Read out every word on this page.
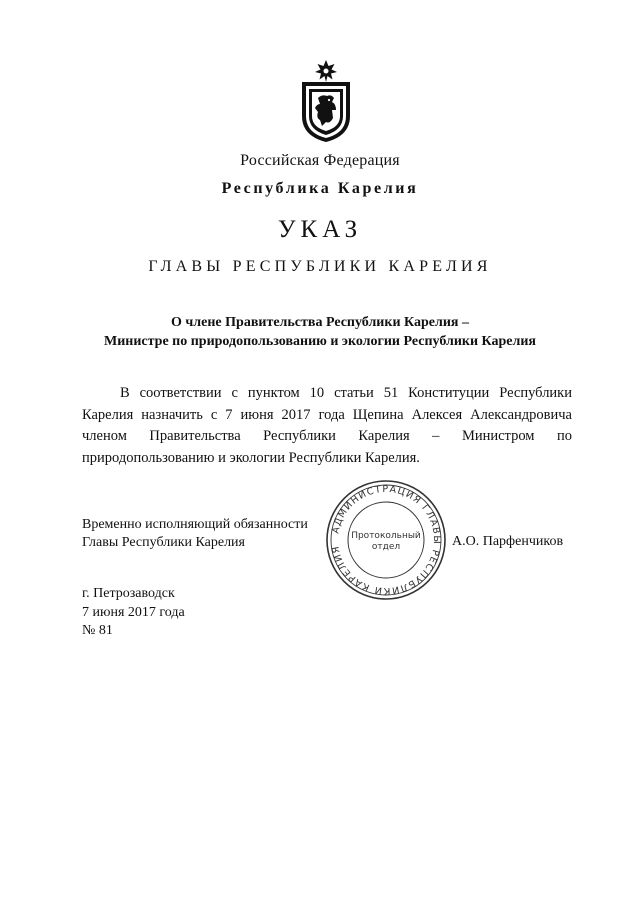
Российская Федерация
Республика Карелия
УКАЗ
ГЛАВЫ РЕСПУБЛИКИ КАРЕЛИЯ
О члене Правительства Республики Карелия –
Министре по природопользованию и экологии Республики Карелия
В соответствии с пунктом 10 статьи 51 Конституции Республики Карелия назначить с 7 июня 2017 года Щепина Алексея Александровича членом Правительства Республики Карелия – Министром по природопользованию и экологии Республики Карелия.
Временно исполняющий обязанности
Главы Республики Карелия
АДМИНИСТРАЦИЯ ГЛАВЫ РЕСПУБЛИКИ КАРЕЛИЯ
Протокольный
отдел	А.О. Парфенчиков
г. Петрозаводск
7 июня 2017 года
№ 81
